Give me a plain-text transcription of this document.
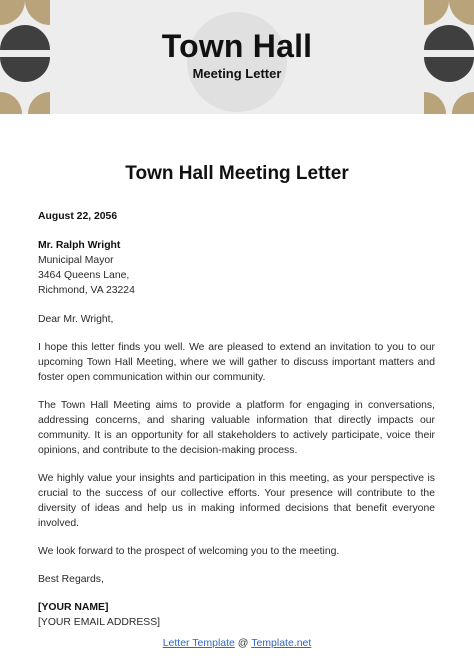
Town Hall
Meeting Letter
Town Hall Meeting Letter
August 22, 2056
Mr. Ralph Wright
Municipal Mayor
3464 Queens Lane,
Richmond, VA 23224
Dear Mr. Wright,

I hope this letter finds you well. We are pleased to extend an invitation to you to our upcoming Town Hall Meeting, where we will gather to discuss important matters and foster open communication within our community.

The Town Hall Meeting aims to provide a platform for engaging in conversations, addressing concerns, and sharing valuable information that directly impacts our community. It is an opportunity for all stakeholders to actively participate, voice their opinions, and contribute to the decision-making process.

We highly value your insights and participation in this meeting, as your perspective is crucial to the success of our collective efforts. Your presence will contribute to the diversity of ideas and help us in making informed decisions that benefit everyone involved.

We look forward to the prospect of welcoming you to the meeting.

Best Regards,
[YOUR NAME]
[YOUR EMAIL ADDRESS]
Letter Template @ Template.net
